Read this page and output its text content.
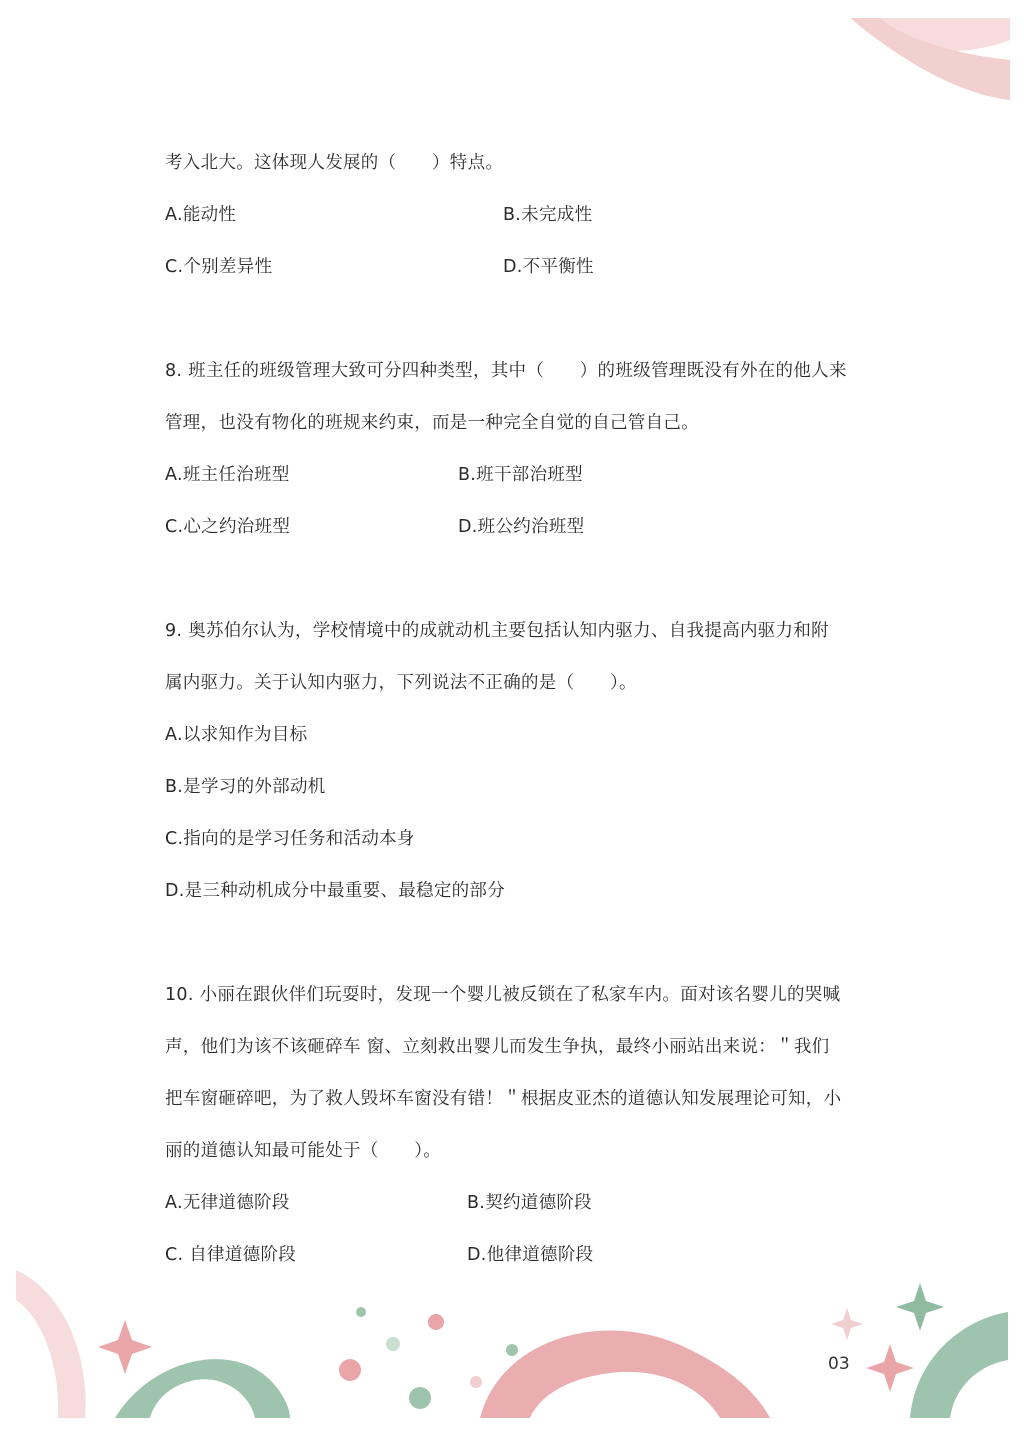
考入北大。这体现人发展的（　　）特点。
A.能动性	B.未完成性
C.个别差异性	D.不平衡性
8. 班主任的班级管理大致可分四种类型，其中（　　）的班级管理既没有外在的他人来
管理，也没有物化的班规来约束，而是一种完全自觉的自己管自己。
A.班主任治班型	B.班干部治班型
C.心之约治班型	D.班公约治班型
9. 奥苏伯尔认为，学校情境中的成就动机主要包括认知内驱力、自我提高内驱力和附
属内驱力。关于认知内驱力，下列说法不正确的是（　　）。
A.以求知作为目标
B.是学习的外部动机
C.指向的是学习任务和活动本身
D.是三种动机成分中最重要、最稳定的部分
10. 小丽在跟伙伴们玩耍时，发现一个婴儿被反锁在了私家车内。面对该名婴儿的哭喊
声，他们为该不该砸碎车 窗、立刻救出婴儿而发生争执，最终小丽站出来说：＂我们
把车窗砸碎吧，为了救人毁坏车窗没有错！＂根据皮亚杰的道德认知发展理论可知，小
丽的道德认知最可能处于（　　）。
A.无律道德阶段	B.契约道德阶段
C. 自律道德阶段	D.他律道德阶段
03
